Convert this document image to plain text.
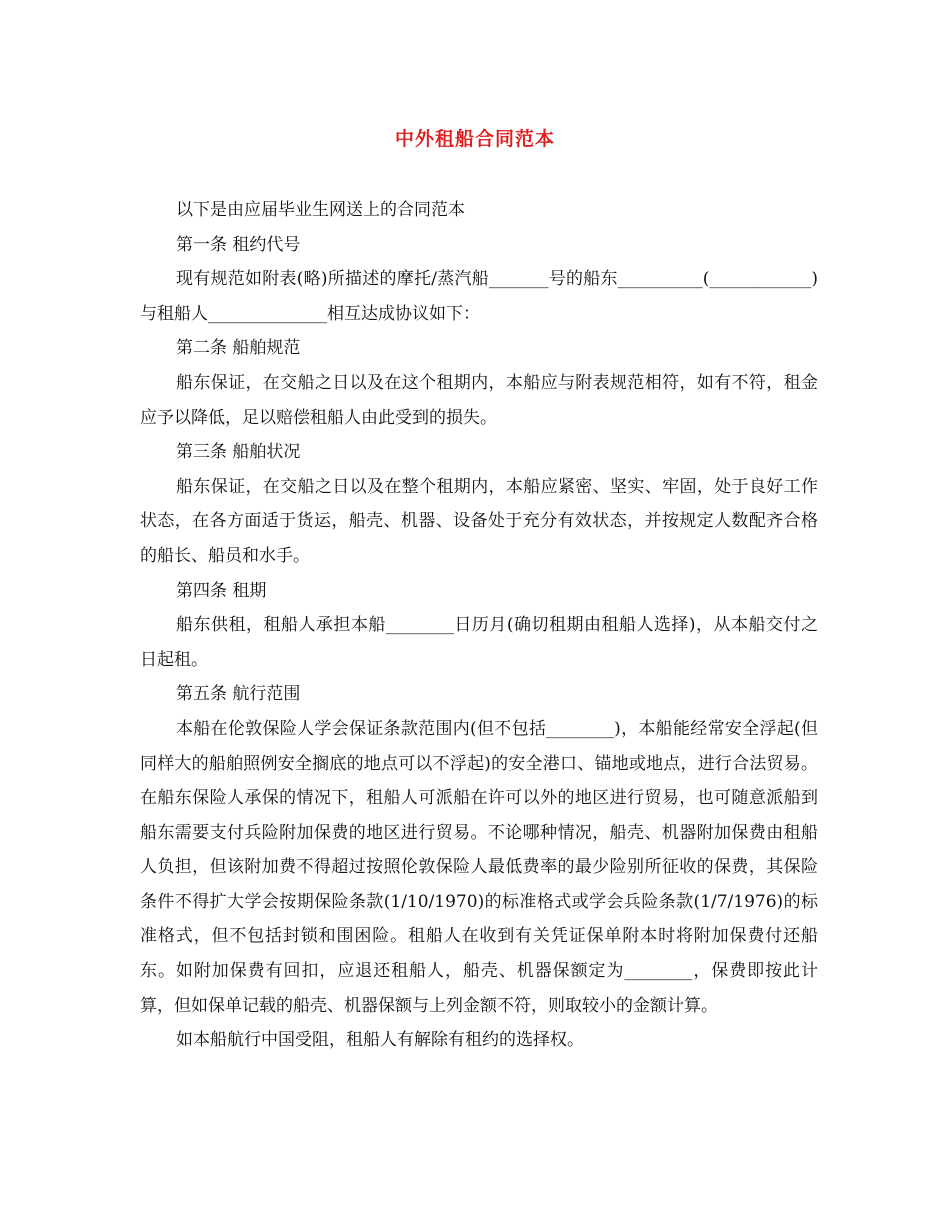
中外租船合同范本

以下是由应届毕业生网送上的合同范本

第一条 租约代号

现有规范如附表(略)所描述的摩托/蒸汽船_______号的船东__________(____________)与租船人______________相互达成协议如下：

第二条 船舶规范

船东保证，在交船之日以及在这个租期内，本船应与附表规范相符，如有不符，租金应予以降低，足以赔偿租船人由此受到的损失。

第三条 船舶状况

船东保证，在交船之日以及在整个租期内，本船应紧密、坚实、牢固，处于良好工作状态，在各方面适于货运，船壳、机器、设备处于充分有效状态，并按规定人数配齐合格的船长、船员和水手。

第四条 租期

船东供租，租船人承担本船________日历月(确切租期由租船人选择)，从本船交付之日起租。

第五条 航行范围

本船在伦敦保险人学会保证条款范围内(但不包括________)，本船能经常安全浮起(但同样大的船舶照例安全搁底的地点可以不浮起)的安全港口、锚地或地点，进行合法贸易。在船东保险人承保的情况下，租船人可派船在许可以外的地区进行贸易，也可随意派船到船东需要支付兵险附加保费的地区进行贸易。不论哪种情况，船壳、机器附加保费由租船人负担，但该附加费不得超过按照伦敦保险人最低费率的最少险别所征收的保费，其保险条件不得扩大学会按期保险条款(1/10/1970)的标准格式或学会兵险条款(1/7/1976)的标准格式，但不包括封锁和围困险。租船人在收到有关凭证保单附本时将附加保费付还船东。如附加保费有回扣，应退还租船人，船壳、机器保额定为________，保费即按此计算，但如保单记载的船壳、机器保额与上列金额不符，则取较小的金额计算。

如本船航行中国受阻，租船人有解除有租约的选择权。
